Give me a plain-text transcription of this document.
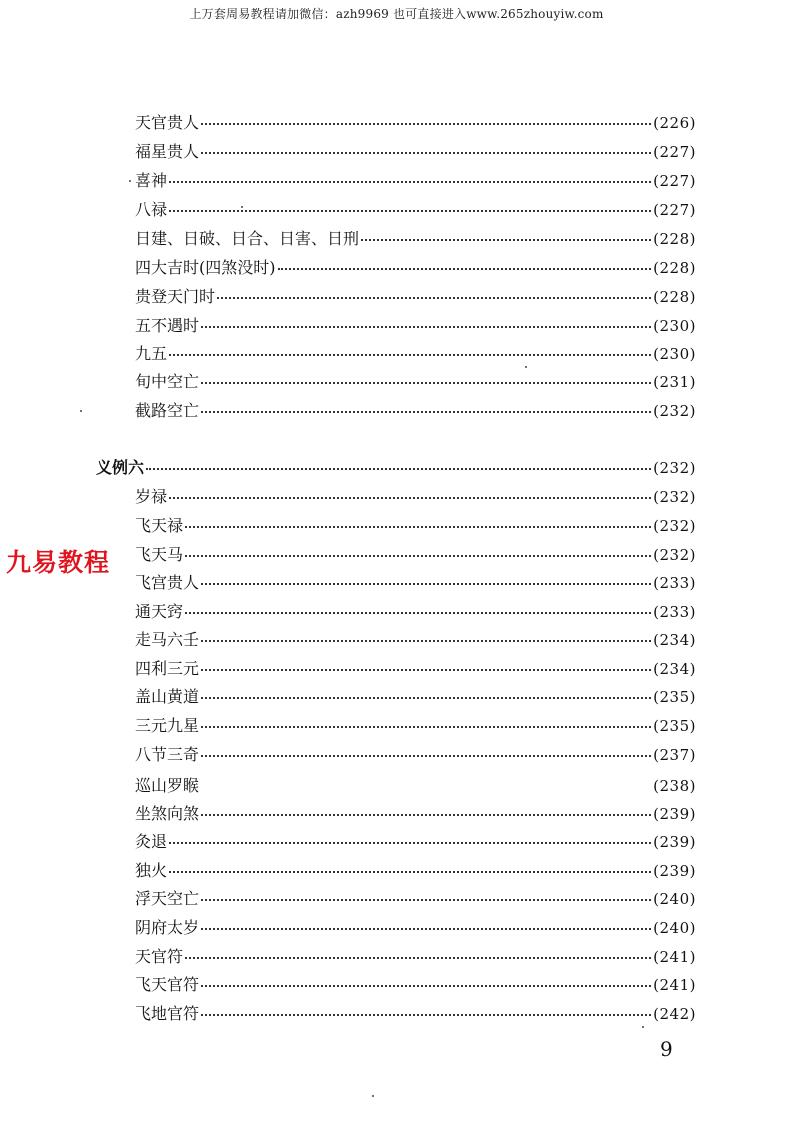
上万套周易教程请加微信：azh9969 也可直接进入www.265zhouyiw.com
天官贵人	(226)
福星贵人	(227)
喜神	(227)
八禄	(227)
日建、日破、日合、日害、日刑	(228)
四大吉时(四煞没时)	(228)
贵登天门时	(228)
五不遇时	(230)
九五	(230)
旬中空亡	(231)
截路空亡	(232)
义例六	(232)
岁禄	(232)
飞天禄	(232)
飞天马	(232)
飞宫贵人	(233)
通天窍	(233)
走马六壬	(234)
四利三元	(234)
盖山黄道	(235)
三元九星	(235)
八节三奇	(237)
巡山罗睺	(238)
坐煞向煞	(239)
灸退	(239)
独火	(239)
浮天空亡	(240)
阴府太岁	(240)
天官符	(241)
飞天官符	(241)
飞地官符	(242)
九易教程
9
